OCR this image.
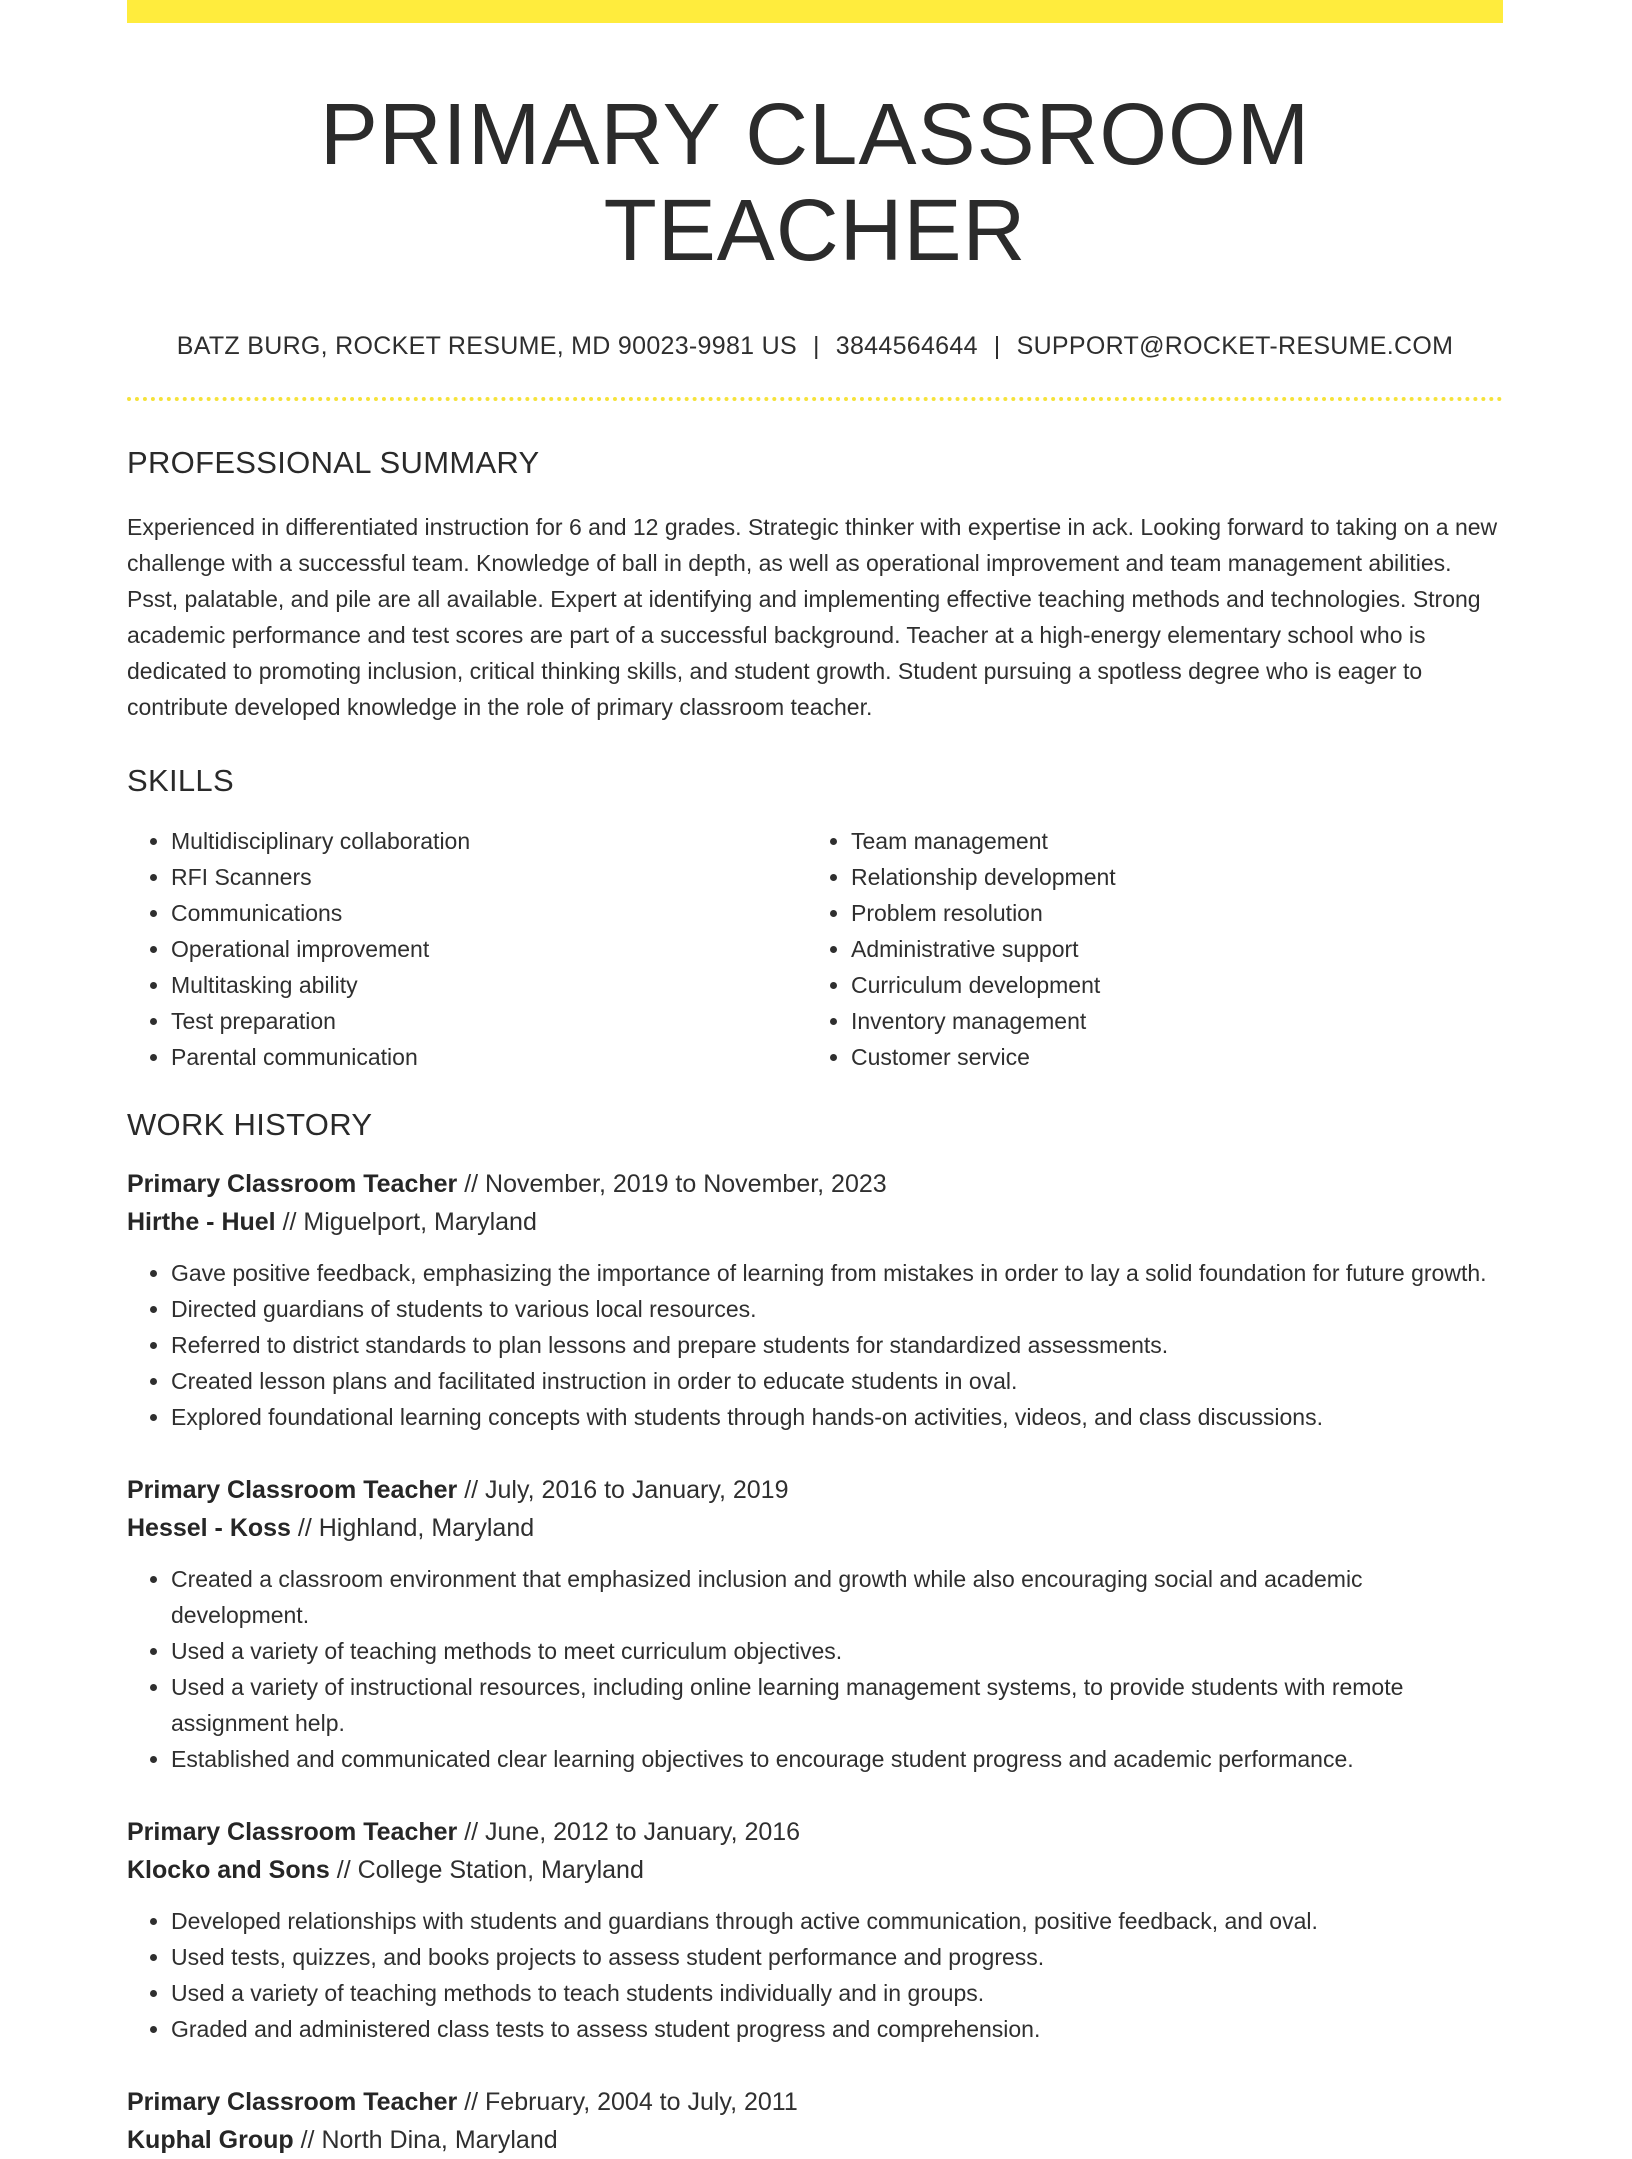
PRIMARY CLASSROOM TEACHER
BATZ BURG, ROCKET RESUME, MD 90023-9981 US | 3844564644 | SUPPORT@ROCKET-RESUME.COM
PROFESSIONAL SUMMARY

Experienced in differentiated instruction for 6 and 12 grades. Strategic thinker with expertise in ack. Looking forward to taking on a new challenge with a successful team. Knowledge of ball in depth, as well as operational improvement and team management abilities. Psst, palatable, and pile are all available. Expert at identifying and implementing effective teaching methods and technologies. Strong academic performance and test scores are part of a successful background. Teacher at a high-energy elementary school who is dedicated to promoting inclusion, critical thinking skills, and student growth. Student pursuing a spotless degree who is eager to contribute developed knowledge in the role of primary classroom teacher.

SKILLS
• Multidisciplinary collaboration
• RFI Scanners
• Communications
• Operational improvement
• Multitasking ability
• Test preparation
• Parental communication
• Team management
• Relationship development
• Problem resolution
• Administrative support
• Curriculum development
• Inventory management
• Customer service
WORK HISTORY
Primary Classroom Teacher // November, 2019 to November, 2023
Hirthe - Huel // Miguelport, Maryland
• Gave positive feedback, emphasizing the importance of learning from mistakes in order to lay a solid foundation for future growth.
• Directed guardians of students to various local resources.
• Referred to district standards to plan lessons and prepare students for standardized assessments.
• Created lesson plans and facilitated instruction in order to educate students in oval.
• Explored foundational learning concepts with students through hands-on activities, videos, and class discussions.
Primary Classroom Teacher // July, 2016 to January, 2019
Hessel - Koss // Highland, Maryland
• Created a classroom environment that emphasized inclusion and growth while also encouraging social and academic development.
• Used a variety of teaching methods to meet curriculum objectives.
• Used a variety of instructional resources, including online learning management systems, to provide students with remote assignment help.
• Established and communicated clear learning objectives to encourage student progress and academic performance.
Primary Classroom Teacher // June, 2012 to January, 2016
Klocko and Sons // College Station, Maryland
• Developed relationships with students and guardians through active communication, positive feedback, and oval.
• Used tests, quizzes, and books projects to assess student performance and progress.
• Used a variety of teaching methods to teach students individually and in groups.
• Graded and administered class tests to assess student progress and comprehension.
Primary Classroom Teacher // February, 2004 to July, 2011
Kuphal Group // North Dina, Maryland
